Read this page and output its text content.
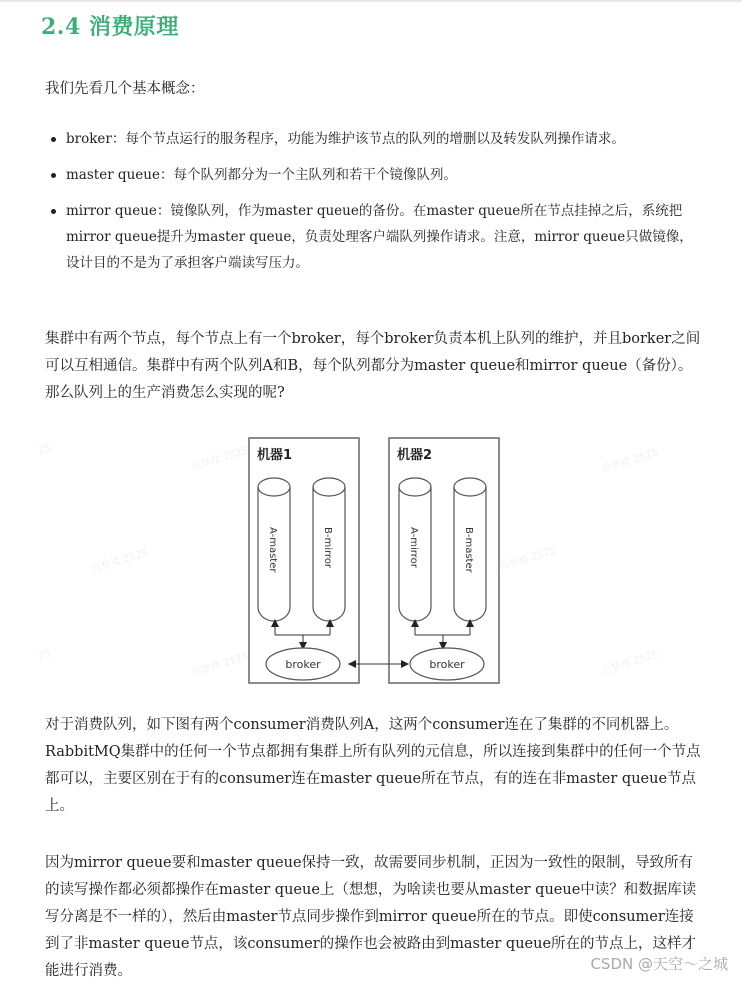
2.4 消费原理

我们先看几个基本概念：

broker：每个节点运行的服务程序，功能为维护该节点的队列的增删以及转发队列操作请求。
master queue：每个队列都分为一个主队列和若干个镜像队列。
mirror queue：镜像队列，作为master queue的备份。在master queue所在节点挂掉之后，系统把mirror queue提升为master queue，负责处理客户端队列操作请求。注意，mirror queue只做镜像，设计目的不是为了承担客户端读写压力。

集群中有两个节点，每个节点上有一个broker，每个broker负责本机上队列的维护，并且borker之间可以互相通信。集群中有两个队列A和B，每个队列都分为master queue和mirror queue（备份）。那么队列上的生产消费怎么实现的呢?

25	吕梦楼 2525
吕梦楼 2525
吕梦楼 2525
吕梦楼 2525
25	吕梦楼 2525	吕梦楼 2525
机器1
A-master	B-mirror
broker
机器2
A-mirror	B-master
broker

对于消费队列，如下图有两个consumer消费队列A，这两个consumer连在了集群的不同机器上。RabbitMQ集群中的任何一个节点都拥有集群上所有队列的元信息，所以连接到集群中的任何一个节点都可以，主要区别在于有的consumer连在master queue所在节点，有的连在非master queue节点上。

因为mirror queue要和master queue保持一致，故需要同步机制，正因为一致性的限制，导致所有的读写操作都必须都操作在master queue上（想想，为啥读也要从master queue中读？和数据库读写分离是不一样的），然后由master节点同步操作到mirror queue所在的节点。即使consumer连接到了非master queue节点，该consumer的操作也会被路由到master queue所在的节点上，这样才能进行消费。	CSDN @天空～之城
